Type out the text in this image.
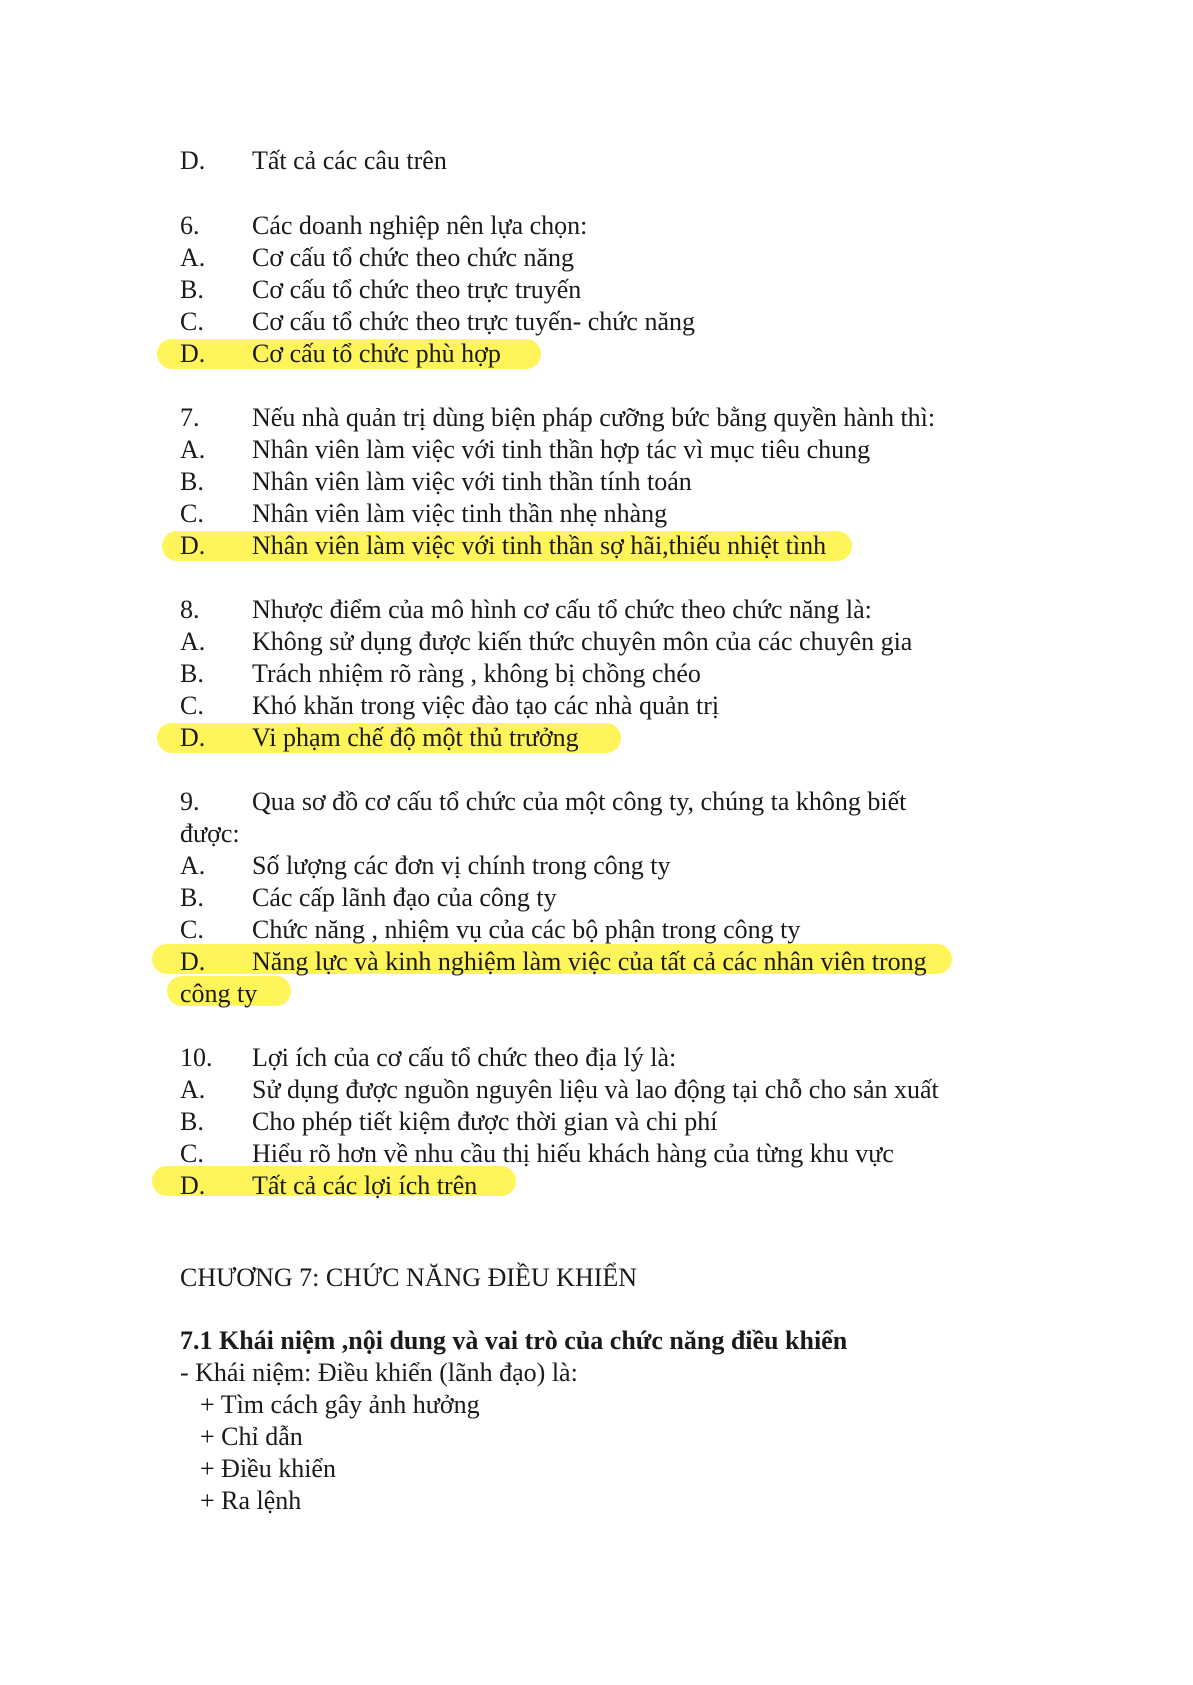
D. Tất cả các câu trên
6. Các doanh nghiệp nên lựa chọn:
A. Cơ cấu tổ chức theo chức năng
B. Cơ cấu tổ chức theo trực truyến
C. Cơ cấu tổ chức theo trực tuyến- chức năng
D. Cơ cấu tổ chức phù hợp
7. Nếu nhà quản trị dùng biện pháp cưỡng bức bằng quyền hành thì:
A. Nhân viên làm việc với tinh thần hợp tác vì mục tiêu chung
B. Nhân viên làm việc với tinh thần tính toán
C. Nhân viên làm việc tinh thần nhẹ nhàng
D. Nhân viên làm việc với tinh thần sợ hãi,thiếu nhiệt tình
8. Nhược điểm của mô hình cơ cấu tổ chức theo chức năng là:
A. Không sử dụng được kiến thức chuyên môn của các chuyên gia
B. Trách nhiệm rõ ràng , không bị chồng chéo
C. Khó khăn trong việc đào tạo các nhà quản trị
D. Vi phạm chế độ một thủ trưởng
9. Qua sơ đồ cơ cấu tổ chức của một công ty, chúng ta không biết
được:
A. Số lượng các đơn vị chính trong công ty
B. Các cấp lãnh đạo của công ty
C. Chức năng , nhiệm vụ của các bộ phận trong công ty
D. Năng lực và kinh nghiệm làm việc của tất cả các nhân viên trong
công ty
10. Lợi ích của cơ cấu tổ chức theo địa lý là:
A. Sử dụng được nguồn nguyên liệu và lao động tại chỗ cho sản xuất
B. Cho phép tiết kiệm được thời gian và chi phí
C. Hiểu rõ hơn về nhu cầu thị hiếu khách hàng của từng khu vực
D. Tất cả các lợi ích trên
CHƯƠNG 7: CHỨC NĂNG ĐIỀU KHIỂN
7.1 Khái niệm ,nội dung và vai trò của chức năng điều khiển
- Khái niệm: Điều khiển (lãnh đạo) là:
+ Tìm cách gây ảnh hưởng
+ Chỉ dẫn
+ Điều khiển
+ Ra lệnh
